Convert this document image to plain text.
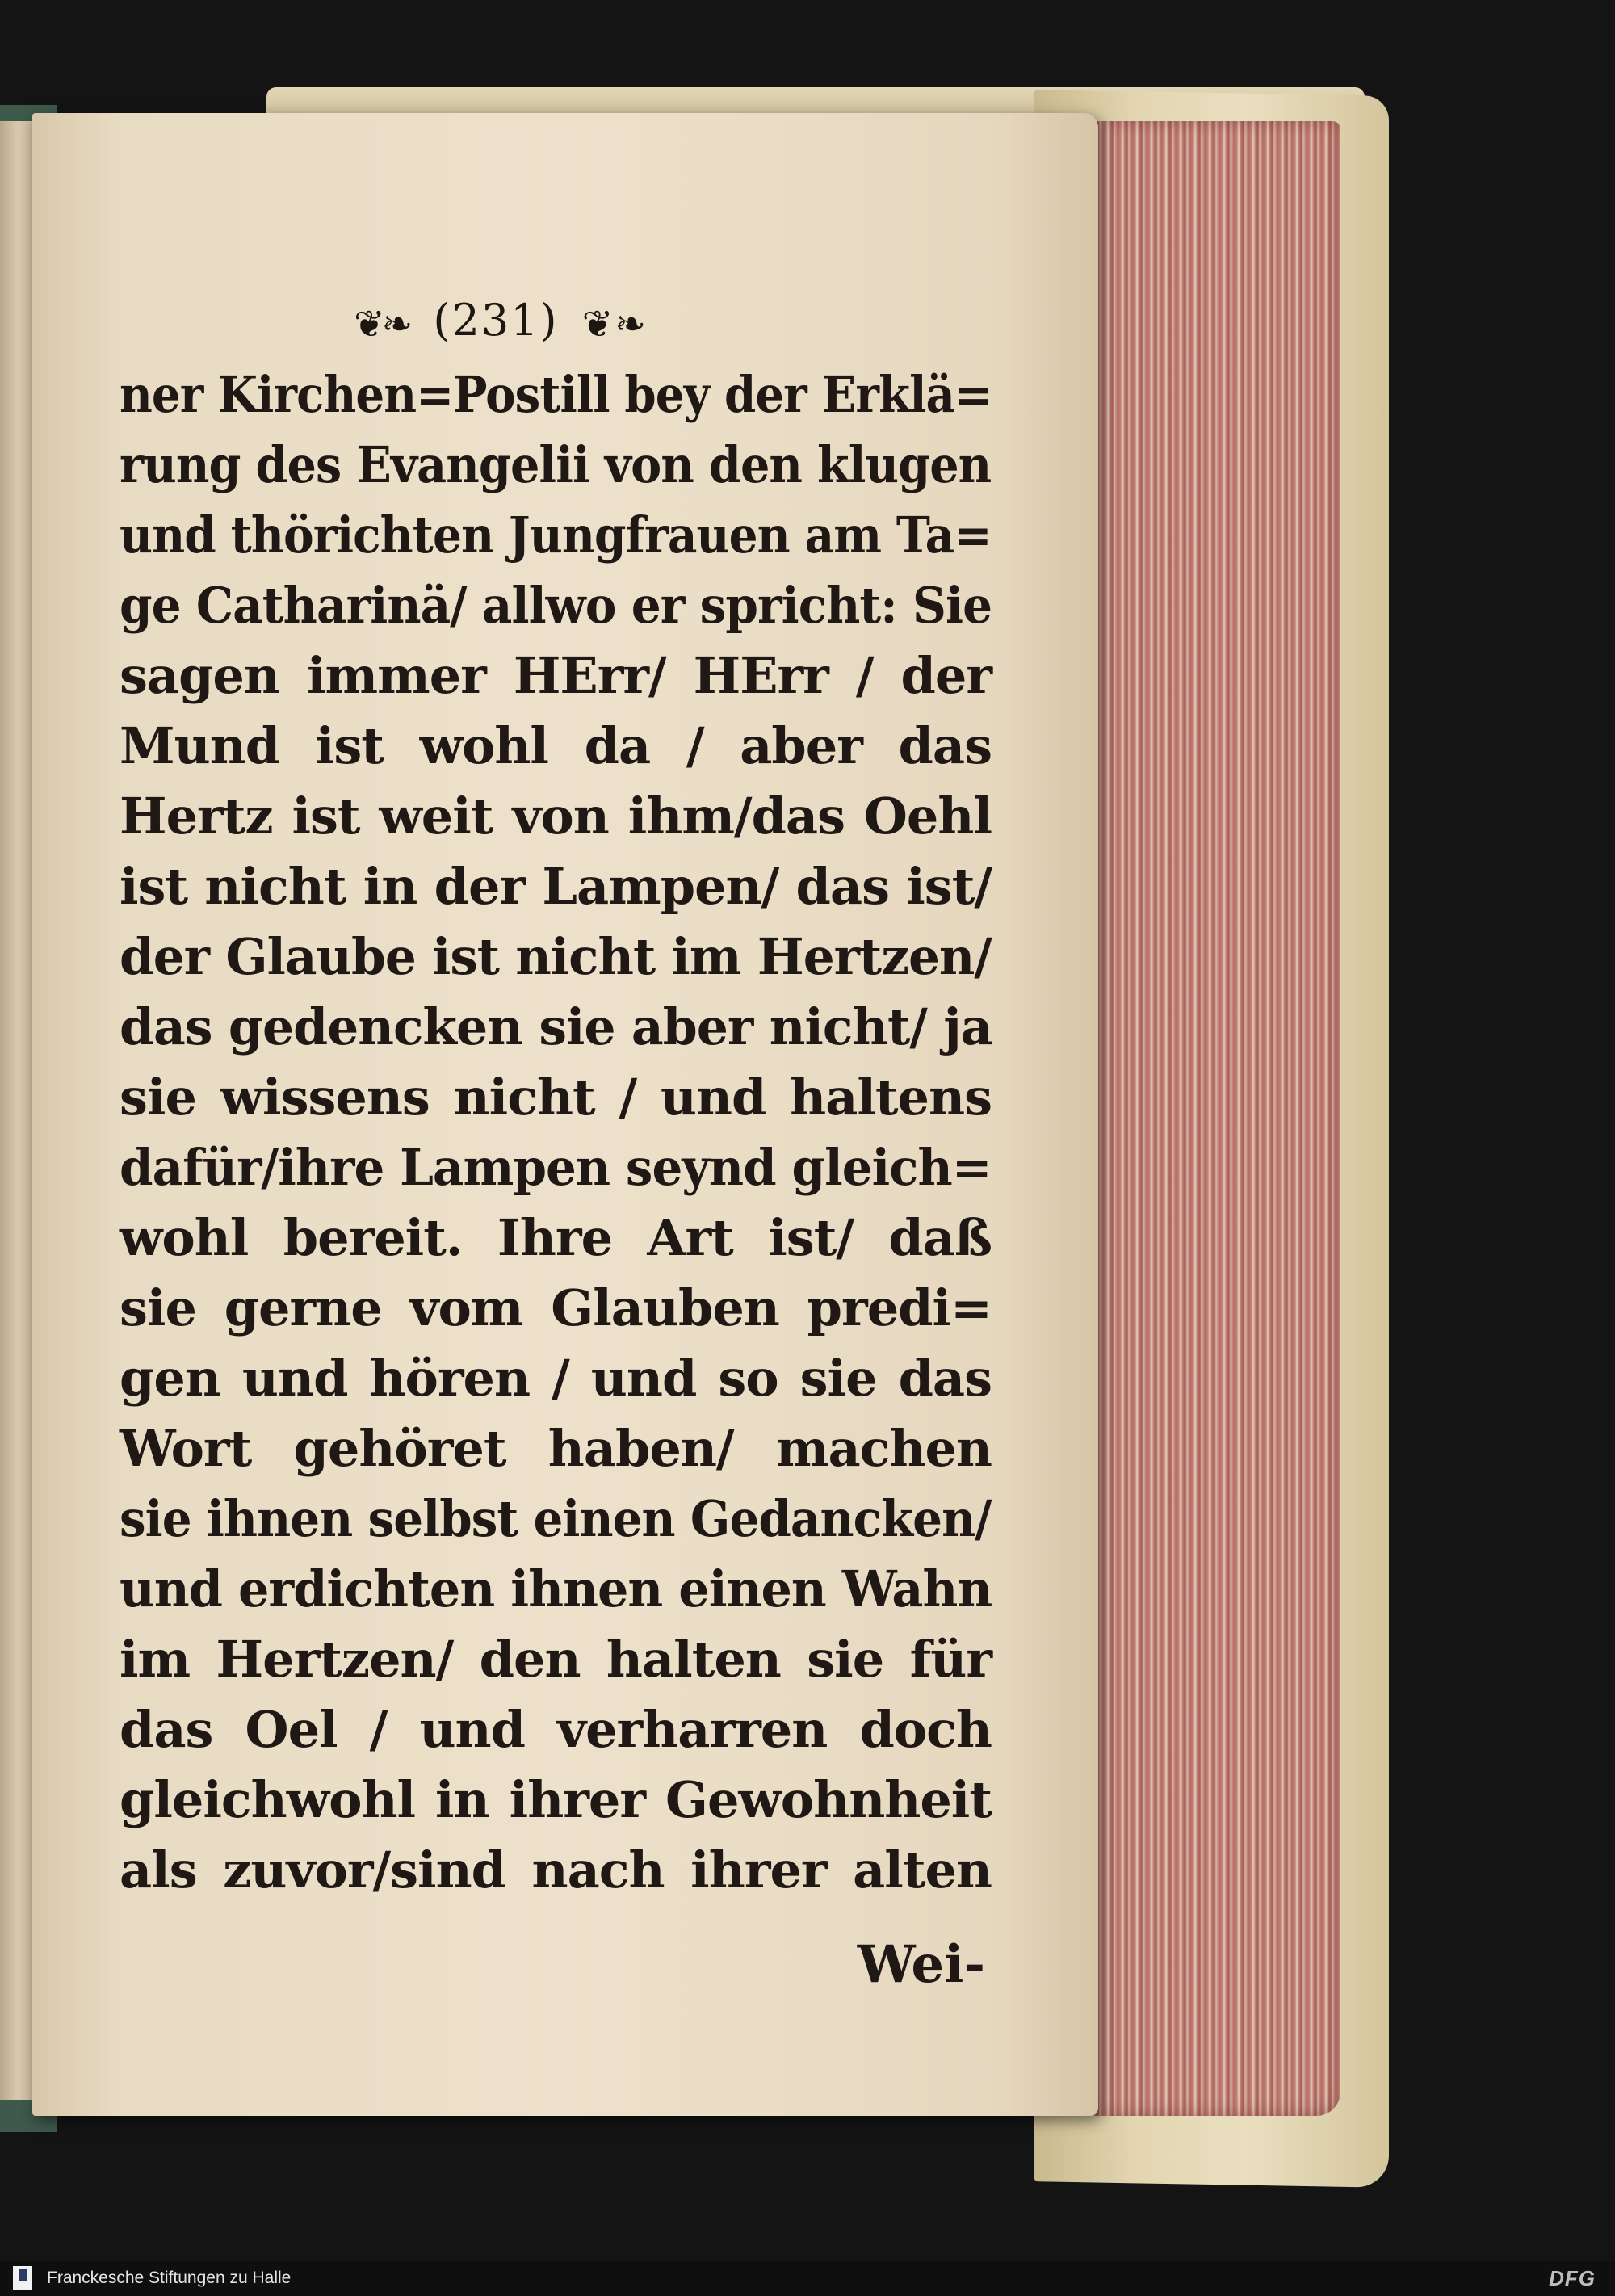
❦❧ (231) ❦❧
ner Kirchen=Postill bey der Erklä=
rung des Evangelii von den klugen
und thörichten Jungfrauen am Ta=
ge Catharinä/ allwo er spricht: Sie
sagen immer HErr/ HErr / der
Mund ist wohl da / aber das
Hertz ist weit von ihm/das Oehl
ist nicht in der Lampen/ das ist/
der Glaube ist nicht im Hertzen/
das gedencken sie aber nicht/ ja
sie wissens nicht / und haltens
dafür/ihre Lampen seynd gleich=
wohl bereit. Ihre Art ist/ daß
sie gerne vom Glauben predi=
gen und hören / und so sie das
Wort gehöret haben/ machen
sie ihnen selbst einen Gedancken/
und erdichten ihnen einen Wahn
im Hertzen/ den halten sie für
das Oel / und verharren doch
gleichwohl in ihrer Gewohnheit
als zuvor/sind nach ihrer alten
Wei-
Franckesche Stiftungen zu Halle	DFG
